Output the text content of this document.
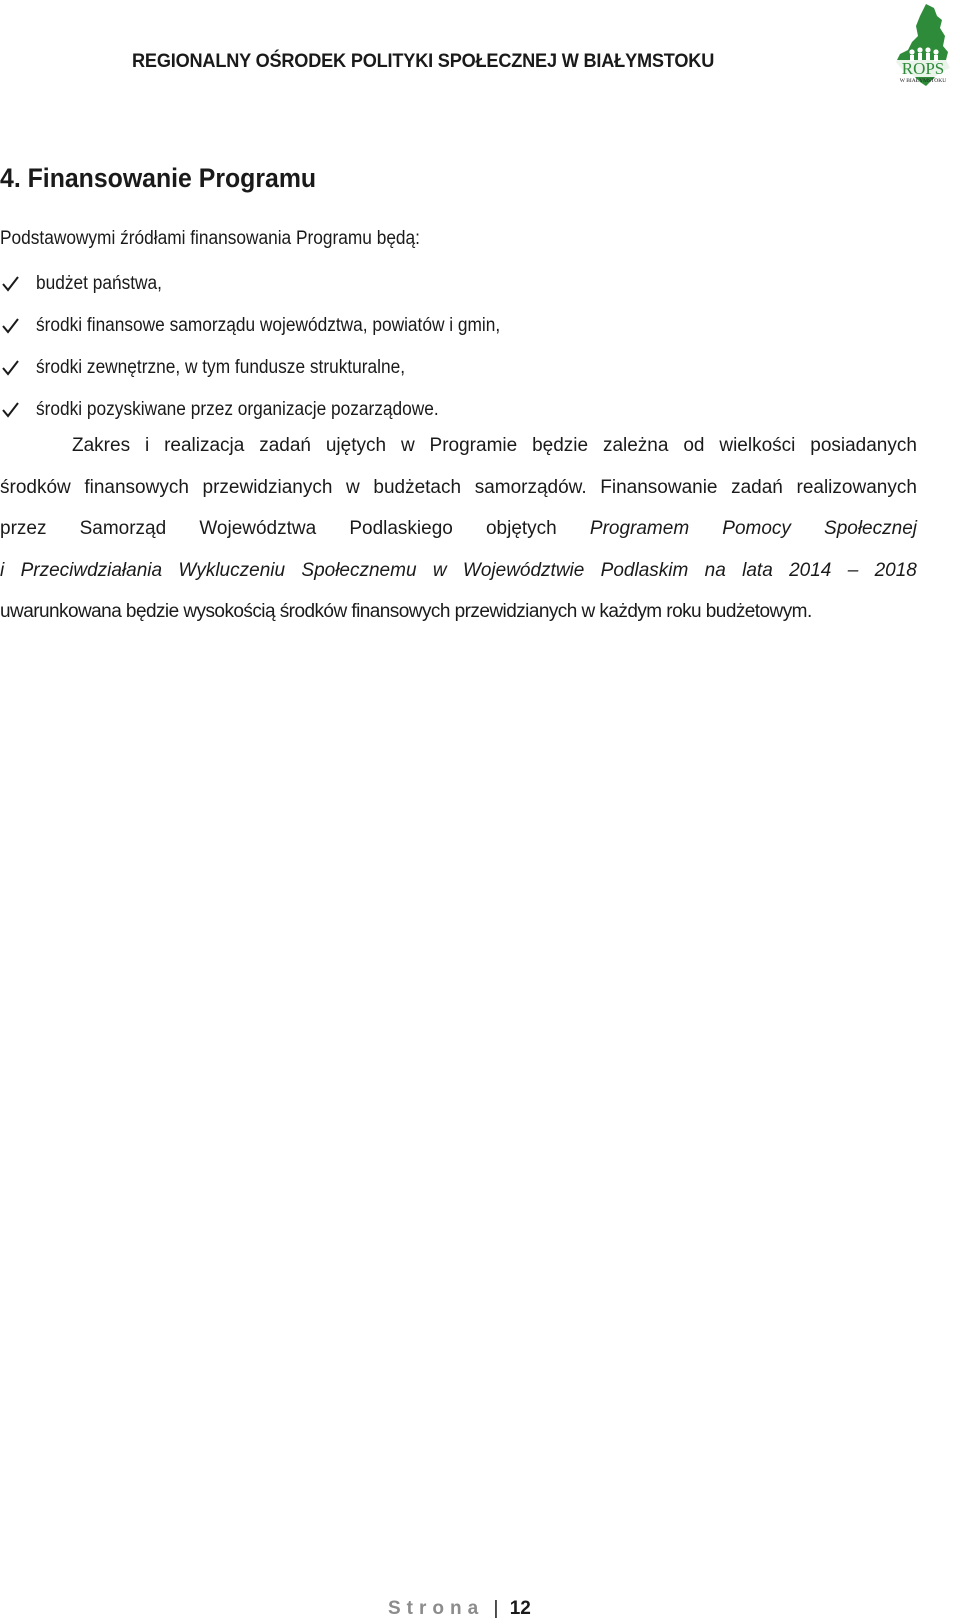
REGIONALNY OŚRODEK POLITYKI SPOŁECZNEJ W BIAŁYMSTOKU	ROPS
W BIAŁYMSTOKU
4. Finansowanie Programu
Podstawowymi źródłami finansowania Programu będą:
budżet państwa,
środki finansowe samorządu województwa, powiatów i gmin,
środki zewnętrzne, w tym fundusze strukturalne,
środki pozyskiwane przez organizacje pozarządowe.
Zakres i realizacja zadań ujętych w Programie będzie zależna od wielkości posiadanych
środków finansowych przewidzianych w budżetach samorządów. Finansowanie zadań realizowanych
przez Samorząd Województwa Podlaskiego objętych Programem Pomocy Społecznej
i Przeciwdziałania Wykluczeniu Społecznemu w Województwie Podlaskim na lata 2014 – 2018
uwarunkowana będzie wysokością środków finansowych przewidzianych w każdym roku budżetowym.
Strona | 12
